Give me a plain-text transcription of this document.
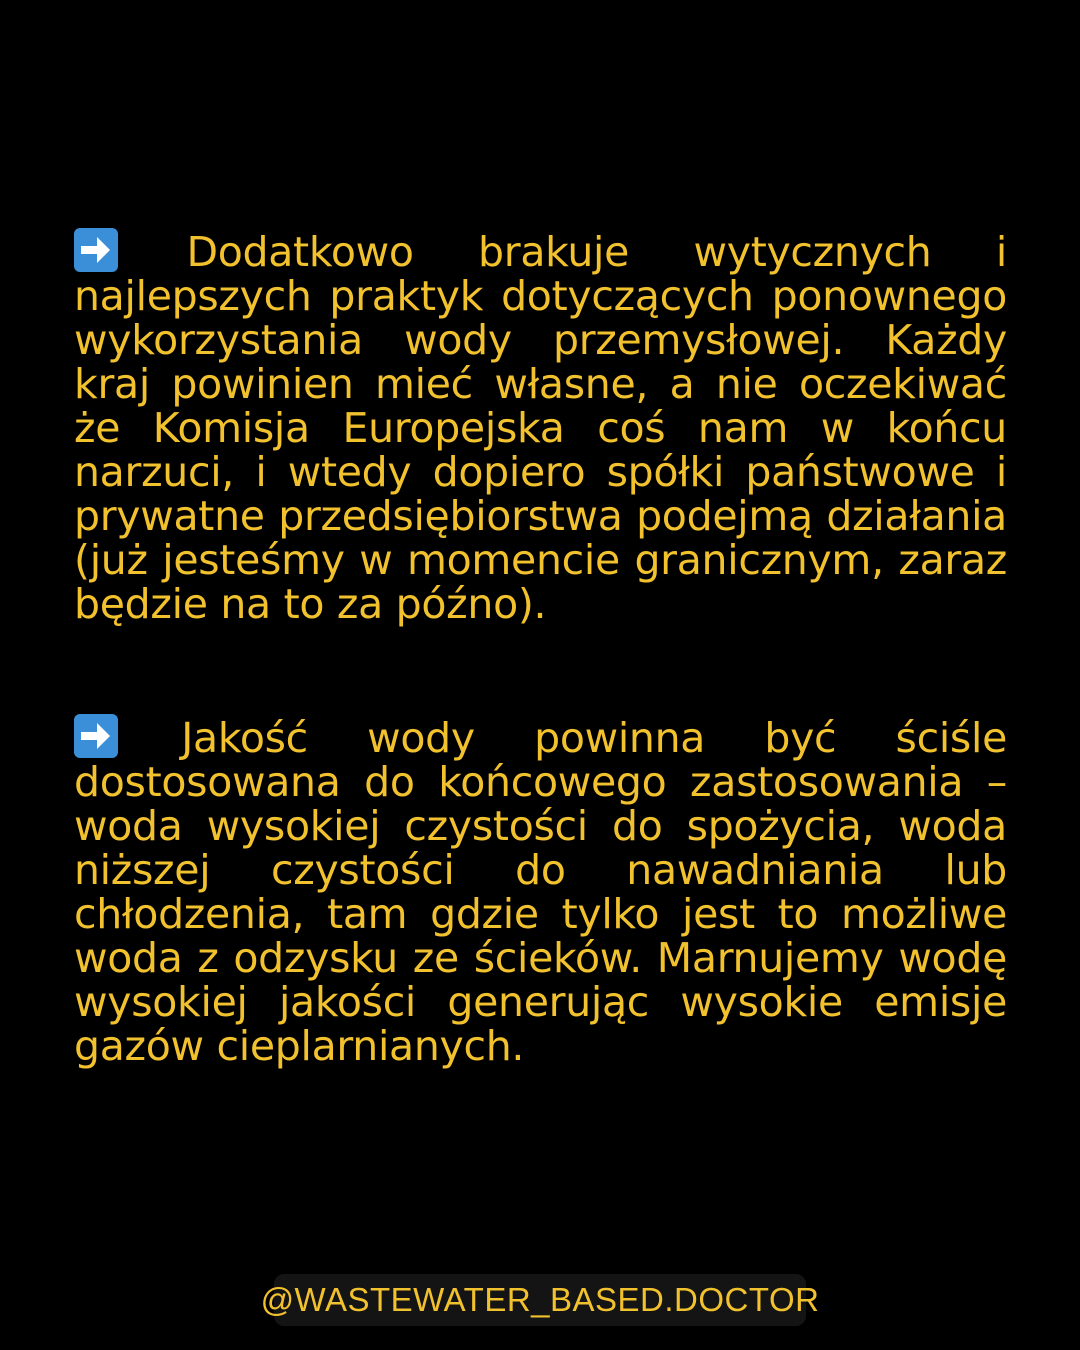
Dodatkowo brakuje wytycznych i najlepszych praktyk dotyczących ponownego wykorzystania wody przemysłowej. Każdy kraj powinien mieć własne, a nie oczekiwać że Komisja Europejska coś nam w końcu narzuci, i wtedy dopiero spółki państwowe i prywatne przedsiębiorstwa podejmą działania (już jesteśmy w momencie granicznym, zaraz będzie na to za późno).

Jakość wody powinna być ściśle dostosowana do końcowego zastosowania – woda wysokiej czystości do spożycia, woda niższej czystości do nawadniania lub chłodzenia, tam gdzie tylko jest to możliwe woda z odzysku ze ścieków. Marnujemy wodę wysokiej jakości generując wysokie emisje gazów cieplarnianych.

@WASTEWATER_BASED.DOCTOR
